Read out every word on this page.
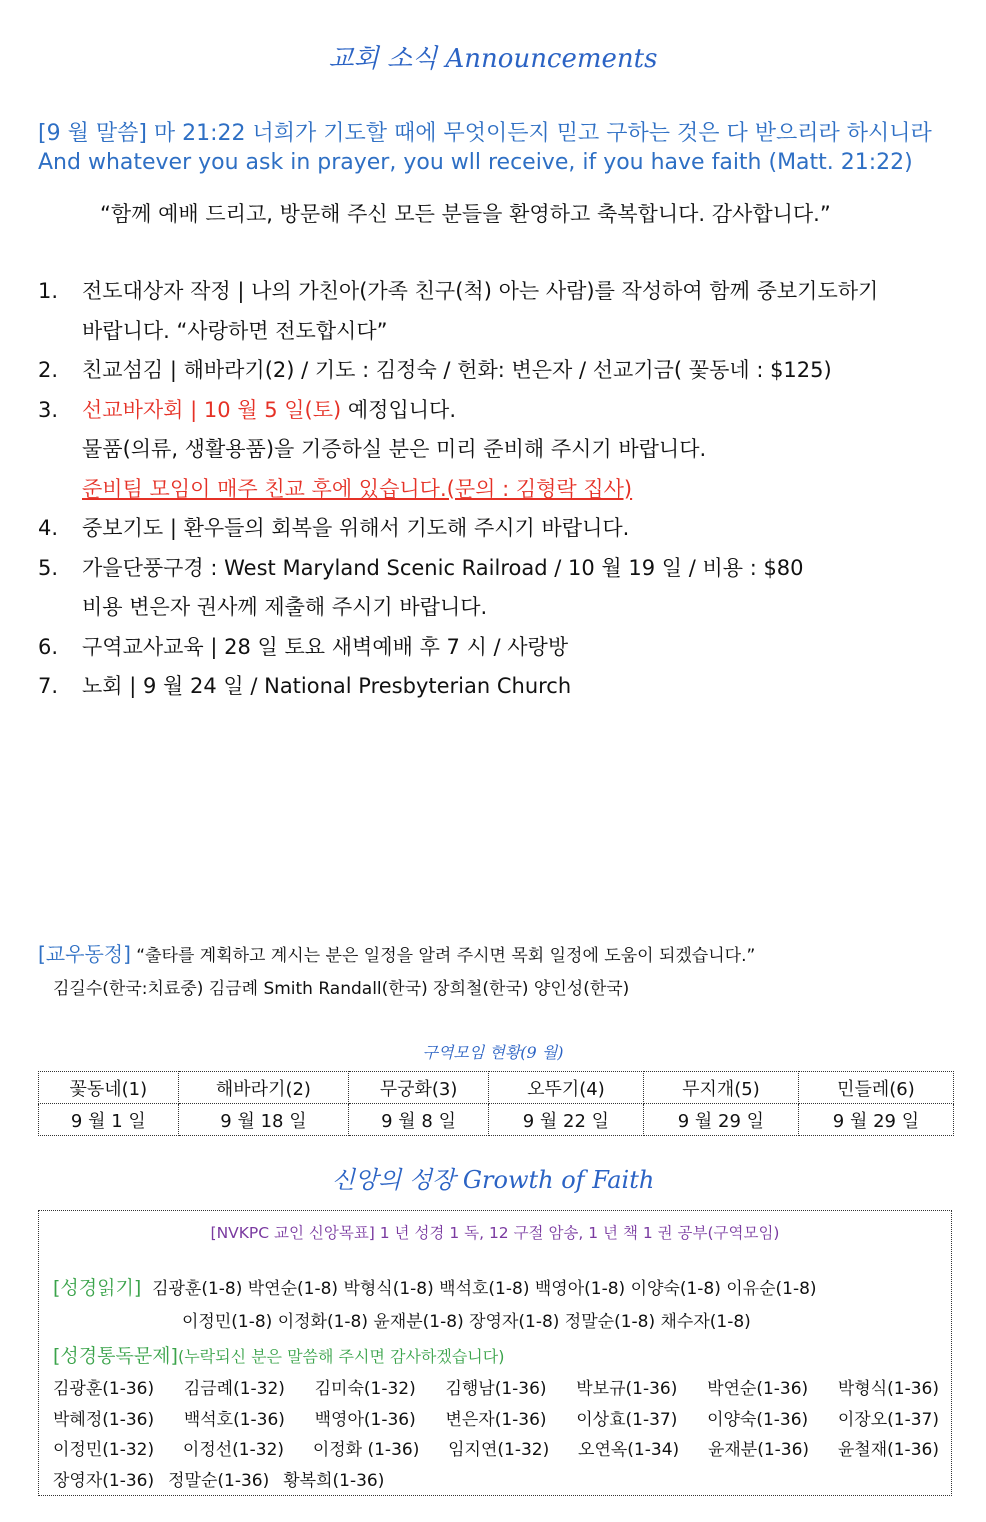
교회 소식 Announcements
[9 월 말씀] 마 21:22 너희가 기도할 때에 무엇이든지 믿고 구하는 것은 다 받으리라 하시니라
And whatever you ask in prayer, you wll receive, if you have faith (Matt. 21:22)
“함께 예배 드리고, 방문해 주신 모든 분들을 환영하고 축복합니다. 감사합니다.”
1. 전도대상자 작정 | 나의 가친아(가족 친구(척) 아는 사람)를 작성하여 함께 중보기도하기
바랍니다. “사랑하면 전도합시다”
2. 친교섬김 | 해바라기(2) / 기도 : 김정숙 / 헌화: 변은자 / 선교기금( 꽃동네 : $125)
3. 선교바자회 | 10 월 5 일(토) 예정입니다.
물품(의류, 생활용품)을 기증하실 분은 미리 준비해 주시기 바랍니다.
준비팀 모임이 매주 친교 후에 있습니다.(문의 : 김형락 집사)
4. 중보기도 | 환우들의 회복을 위해서 기도해 주시기 바랍니다.
5. 가을단풍구경 : West Maryland Scenic Railroad / 10 월 19 일 / 비용 : $80
비용 변은자 권사께 제출해 주시기 바랍니다.
6. 구역교사교육 | 28 일 토요 새벽예배 후 7 시 / 사랑방
7. 노회 | 9 월 24 일 / National Presbyterian Church
[교우동정] “출타를 계획하고 계시는 분은 일정을 알려 주시면 목회 일정에 도움이 되겠습니다.”
김길수(한국:치료중) 김금례 Smith Randall(한국) 장희철(한국) 양인성(한국)
구역모임 현황(9 월)
꽃동네(1)	해바라기(2)	무궁화(3)	오뚜기(4)	무지개(5)	민들레(6)
9 월 1 일	9 월 18 일	9 월 8 일	9 월 22 일	9 월 29 일	9 월 29 일
신앙의 성장 Growth of Faith
[NVKPC 교인 신앙목표] 1 년 성경 1 독, 12 구절 암송, 1 년 책 1 권 공부(구역모임)
[성경읽기] 김광훈(1-8) 박연순(1-8) 박형식(1-8) 백석호(1-8) 백영아(1-8) 이양숙(1-8) 이유순(1-8)
이정민(1-8) 이정화(1-8) 윤재분(1-8) 장영자(1-8) 정말순(1-8) 채수자(1-8)
[성경통독문제](누락되신 분은 말씀해 주시면 감사하겠습니다)
김광훈(1-36) 김금례(1-32) 김미숙(1-32) 김행남(1-36) 박보규(1-36) 박연순(1-36) 박형식(1-36)
박혜정(1-36) 백석호(1-36) 백영아(1-36) 변은자(1-36) 이상효(1-37) 이양숙(1-36) 이장오(1-37)
이정민(1-32) 이정선(1-32) 이정화 (1-36) 임지연(1-32) 오연옥(1-34) 윤재분(1-36) 윤철재(1-36)
장영자(1-36) 정말순(1-36) 황복희(1-36)
